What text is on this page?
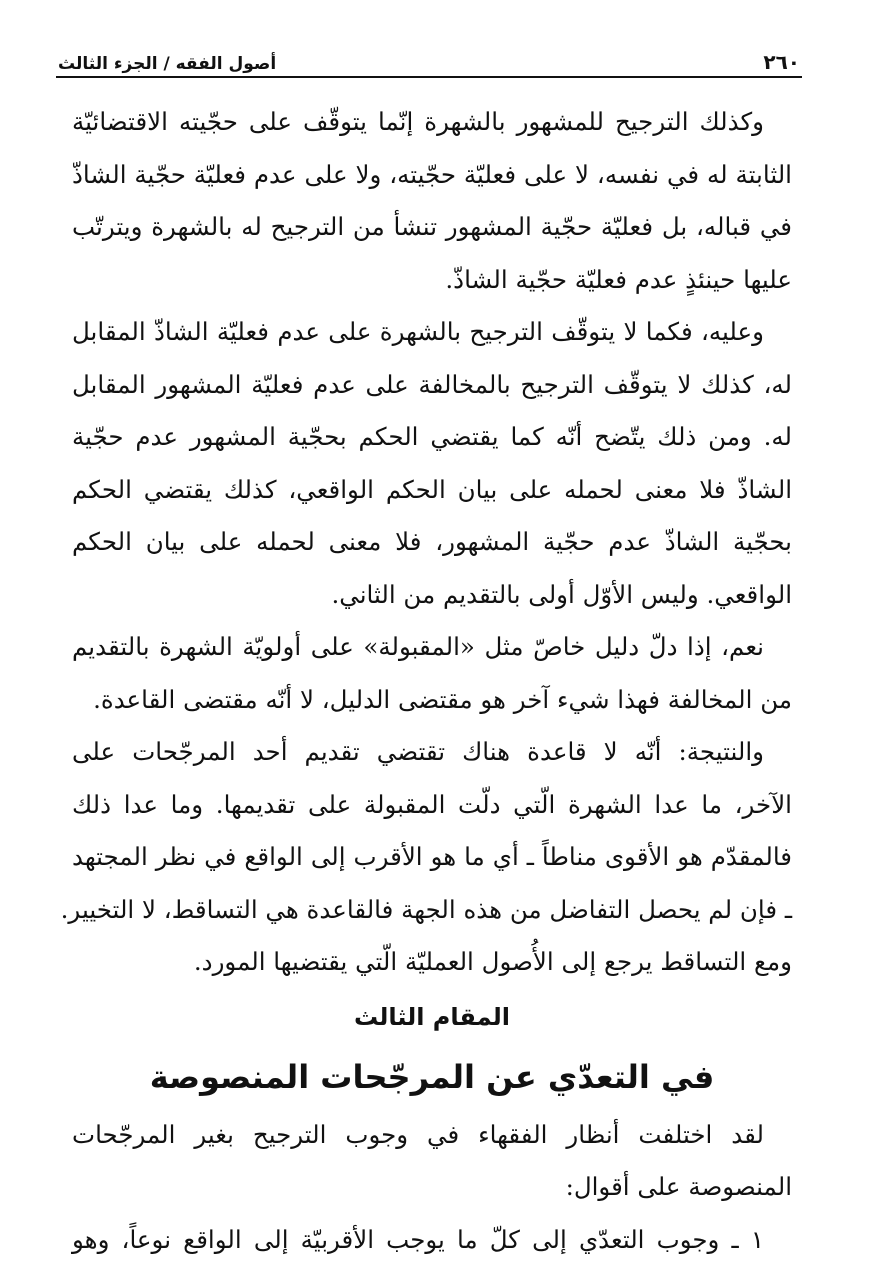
٢٦٠
أصول الفقه / الجزء الثالث
وكذلك الترجيح للمشهور بالشهرة إنّما يتوقّف على حجّيته الاقتضائيّة
الثابتة له في نفسه، لا على فعليّة حجّيته، ولا على عدم فعليّة حجّية الشاذّ
في قباله، بل فعليّة حجّية المشهور تنشأ من الترجيح له بالشهرة ويترتّب
عليها حينئذٍ عدم فعليّة حجّية الشاذّ.
وعليه، فكما لا يتوقّف الترجيح بالشهرة على عدم فعليّة الشاذّ المقابل
له، كذلك لا يتوقّف الترجيح بالمخالفة على عدم فعليّة المشهور المقابل
له. ومن ذلك يتّضح أنّه كما يقتضي الحكم بحجّية المشهور عدم حجّية
الشاذّ فلا معنى لحمله على بيان الحكم الواقعي، كذلك يقتضي الحكم
بحجّية الشاذّ عدم حجّية المشهور، فلا معنى لحمله على بيان الحكم
الواقعي. وليس الأوّل أولى بالتقديم من الثاني.
نعم، إذا دلّ دليل خاصّ مثل «المقبولة» على أولويّة الشهرة بالتقديم
من المخالفة فهذا شيء آخر هو مقتضى الدليل، لا أنّه مقتضى القاعدة.
والنتيجة: أنّه لا قاعدة هناك تقتضي تقديم أحد المرجّحات على
الآخر، ما عدا الشهرة الّتي دلّت المقبولة على تقديمها. وما عدا ذلك
فالمقدّم هو الأقوى مناطاً ـ أي ما هو الأقرب إلى الواقع في نظر المجتهد
ـ فإن لم يحصل التفاضل من هذه الجهة فالقاعدة هي التساقط، لا التخيير.
ومع التساقط يرجع إلى الأُصول العمليّة الّتي يقتضيها المورد.
المقام الثالث
في التعدّي عن المرجّحات المنصوصة
لقد اختلفت أنظار الفقهاء في وجوب الترجيح بغير المرجّحات
المنصوصة على أقوال:
١ ـ وجوب التعدّي إلى كلّ ما يوجب الأقربيّة إلى الواقع نوعاً، وهو
